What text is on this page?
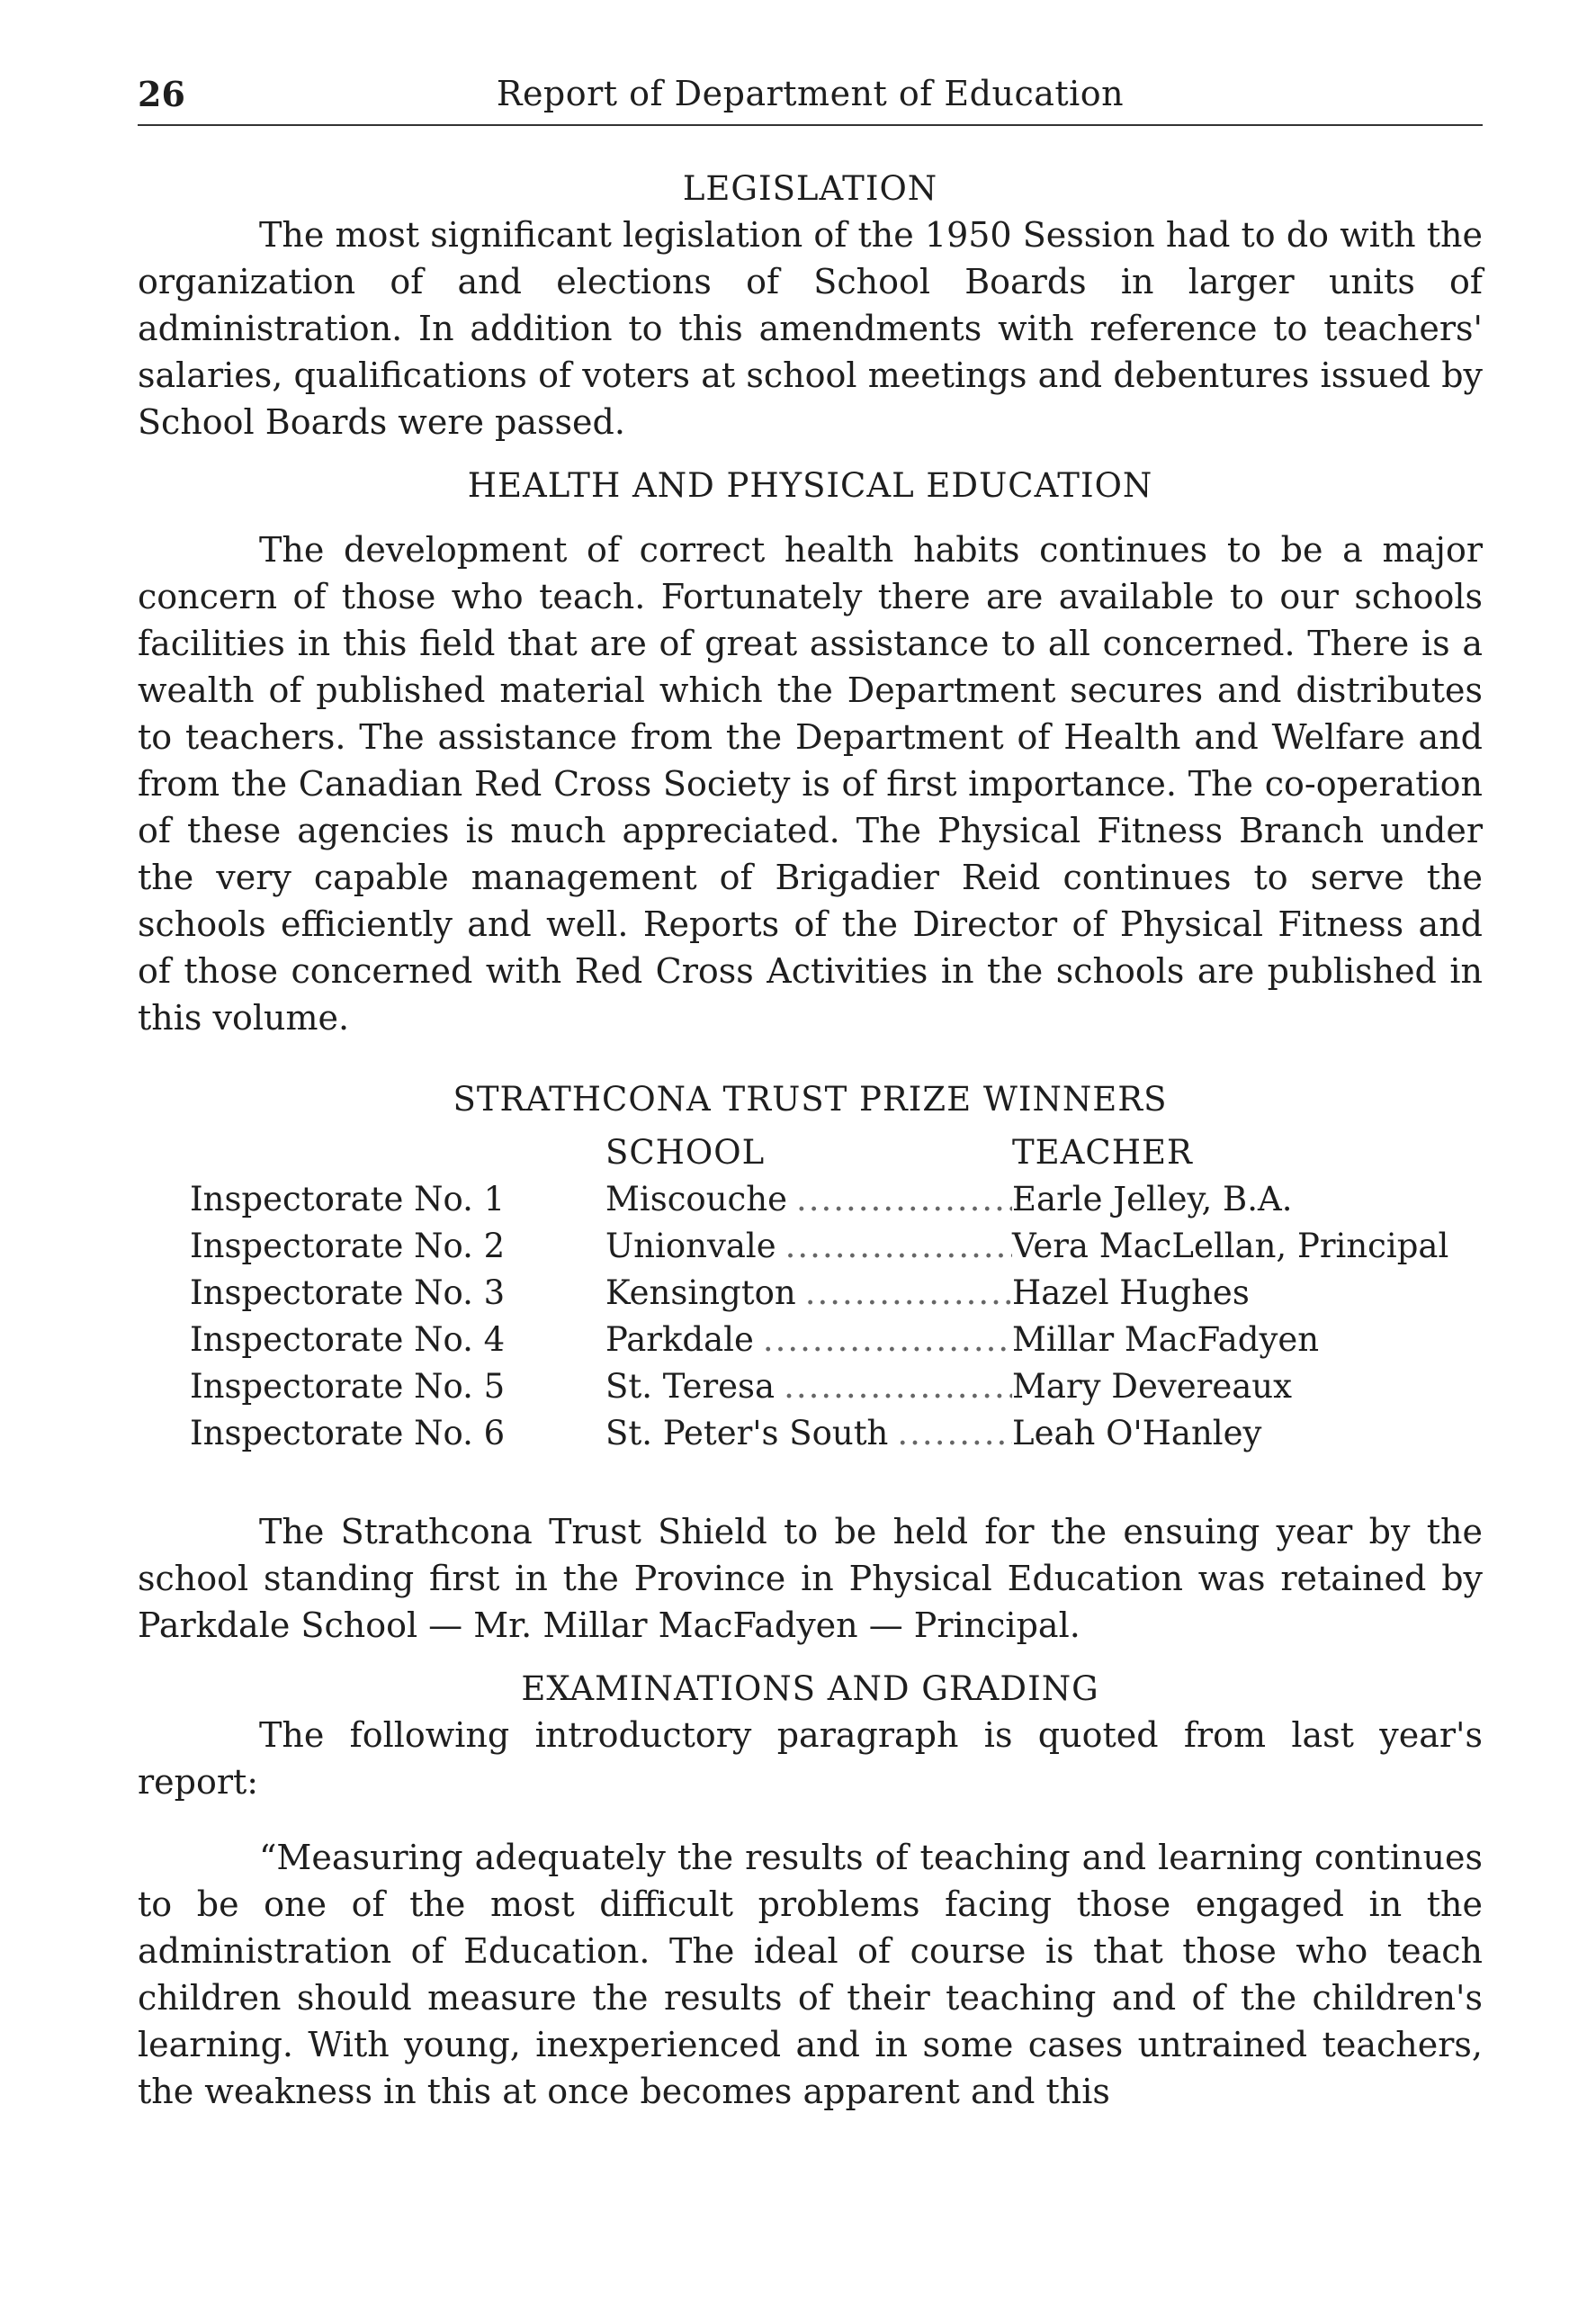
26	Report of Department of Education
LEGISLATION

The most significant legislation of the 1950 Session had to do with the organization of and elections of School Boards in larger units of administration. In addition to this amendments with reference to teachers' salaries, qualifications of voters at school meetings and debentures issued by School Boards were passed.

HEALTH AND PHYSICAL EDUCATION

The development of correct health habits continues to be a major concern of those who teach. Fortunately there are available to our schools facilities in this field that are of great assistance to all concerned. There is a wealth of published material which the Department secures and distributes to teachers. The assistance from the Department of Health and Welfare and from the Canadian Red Cross Society is of first importance. The co-operation of these agencies is much appreciated. The Physical Fitness Branch under the very capable management of Brigadier Reid continues to serve the schools efficiently and well. Reports of the Director of Physical Fitness and of those concerned with Red Cross Activities in the schools are published in this volume.

STRATHCONA TRUST PRIZE WINNERS
SCHOOL	TEACHER
Inspectorate No. 1	Miscouche .....	Earle Jelley, B.A.
Inspectorate No. 2	Unionvale .....	Vera MacLellan, Principal
Inspectorate No. 3	Kensington .....	Hazel Hughes
Inspectorate No. 4	Parkdale .....	Millar MacFadyen
Inspectorate No. 5	St. Teresa .....	Mary Devereaux
Inspectorate No. 6	St. Peter's South .....	Leah O'Hanley

The Strathcona Trust Shield to be held for the ensuing year by the school standing first in the Province in Physical Education was retained by Parkdale School — Mr. Millar MacFadyen — Principal.

EXAMINATIONS AND GRADING

The following introductory paragraph is quoted from last year's report:

“Measuring adequately the results of teaching and learning continues to be one of the most difficult problems facing those engaged in the administration of Education. The ideal of course is that those who teach children should measure the results of their teaching and of the children's learning. With young, inexperienced and in some cases untrained teachers, the weakness in this at once becomes apparent and this
